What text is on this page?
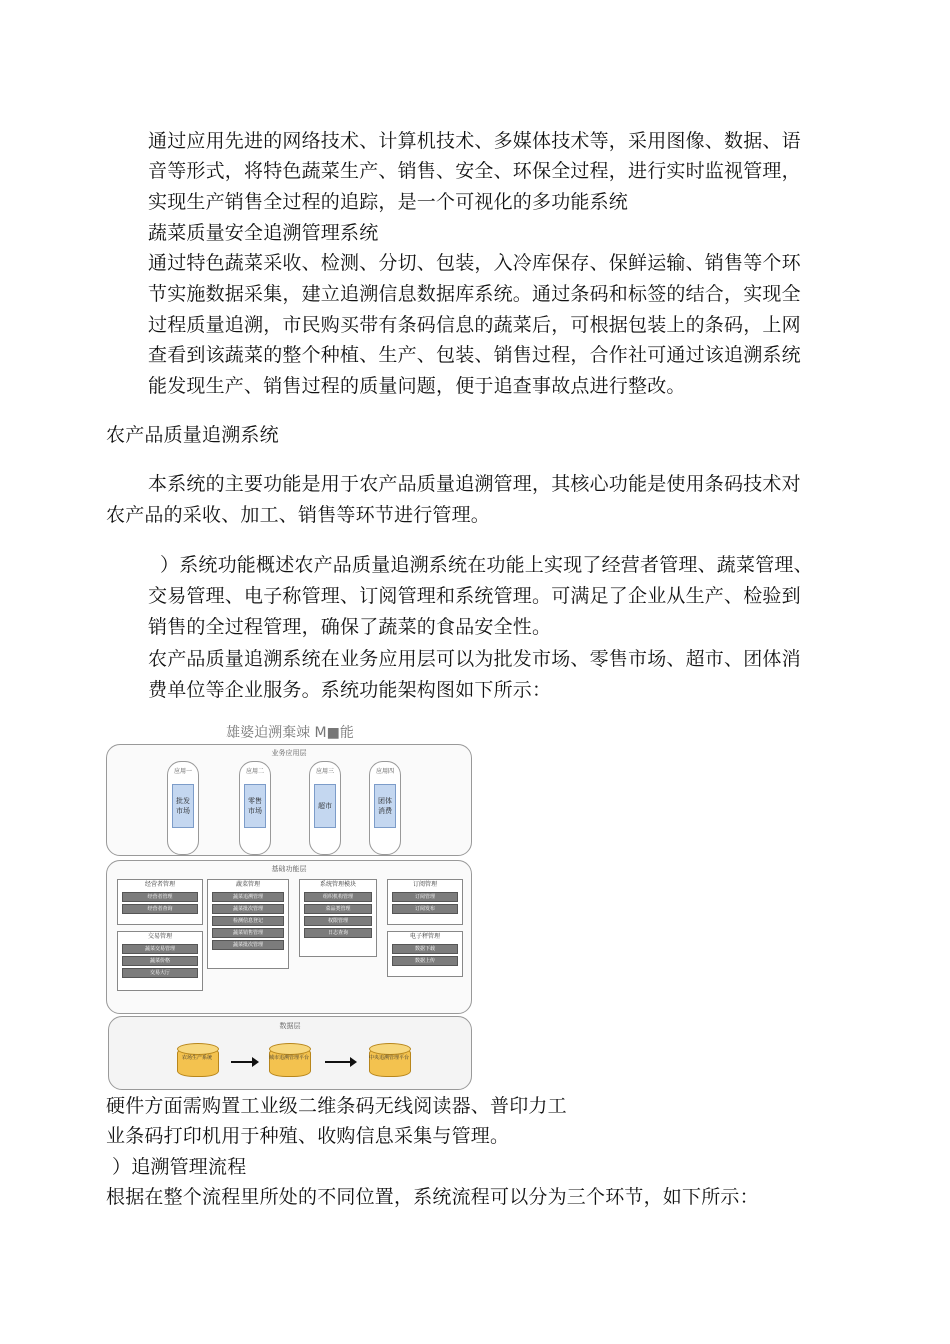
通过应用先进的网络技术、计算机技术、多媒体技术等，采用图像、数据、语
音等形式，将特色蔬菜生产、销售、安全、环保全过程，进行实时监视管理，
实现生产销售全过程的追踪，是一个可视化的多功能系统
蔬菜质量安全追溯管理系统
通过特色蔬菜采收、检测、分切、包装，入冷库保存、保鲜运输、销售等个环
节实施数据采集，建立追溯信息数据库系统。通过条码和标签的结合，实现全
过程质量追溯，市民购买带有条码信息的蔬菜后，可根据包装上的条码，上网
查看到该蔬菜的整个种植、生产、包装、销售过程，合作社可通过该追溯系统
能发现生产、销售过程的质量问题，便于追查事故点进行整改。
农产品质量追溯系统
本系统的主要功能是用于农产品质量追溯管理，其核心功能是使用条码技术对
农产品的采收、加工、销售等环节进行管理。
）系统功能概述农产品质量追溯系统在功能上实现了经营者管理、蔬菜管理、
交易管理、电子称管理、订阅管理和系统管理。可满足了企业从生产、检验到
销售的全过程管理，确保了蔬菜的食品安全性。
农产品质量追溯系统在业务应用层可以为批发市场、零售市场、超市、团体消
费单位等企业服务。系统功能架构图如下所示：
雄婆迫溯棄竦 M■能
业务应用层
应用一
批发市场
应用二
零售市场
应用三
超市
应用四
团体消费
基础功能层
经营者管理
经营者管理
经营者查询
蔬菜管理
蔬菜追溯管理
蔬菜批次管理
检测信息登记
蔬菜销售管理
蔬菜批次管理
系统管理模块
组织机构管理
菜品类管理
权限管理
日志查询
订阅管理
订阅管理
订阅发布
交易管理
蔬菜交易管理
蔬菜价格
交易大厅
电子秤管理
数据下载
数据上传
数据层
农场生产系统	城市追溯管理平台	中央追溯管理平台
硬件方面需购置工业级二维条码无线阅读器、普印力工
业条码打印机用于种殖、收购信息采集与管理。
）追溯管理流程
根据在整个流程里所处的不同位置，系统流程可以分为三个环节，如下所示：
